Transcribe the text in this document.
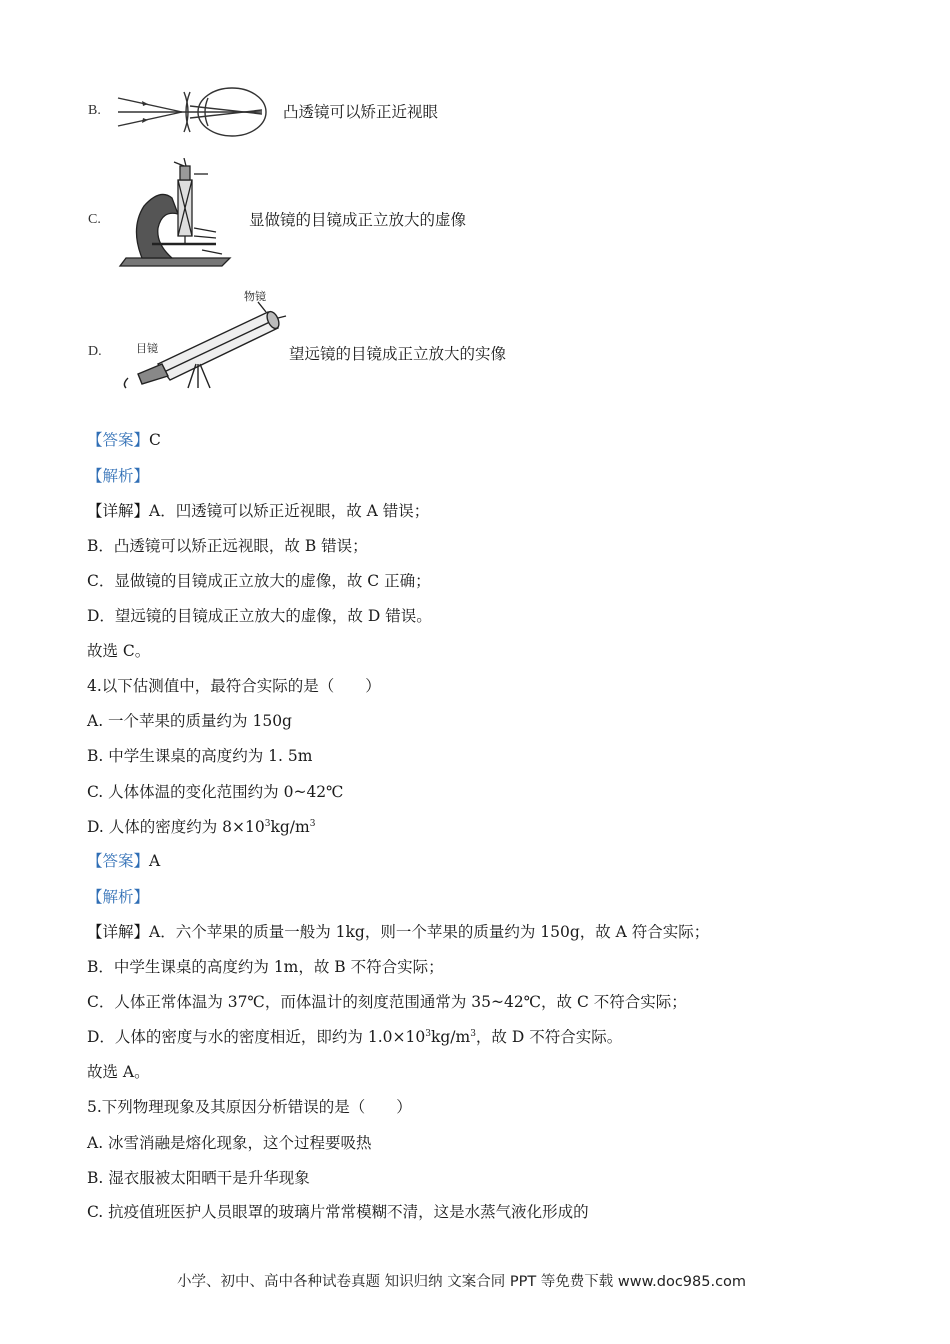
B.	凸透镜可以矫正近视眼
C.	显做镜的目镜成正立放大的虚像
D.
物镜
目镜	望远镜的目镜成正立放大的实像
【答案】C
【解析】
【详解】A．凹透镜可以矫正近视眼，故 A 错误；
B．凸透镜可以矫正远视眼，故 B 错误；
C．显做镜的目镜成正立放大的虚像，故 C 正确；
D．望远镜的目镜成正立放大的虚像，故 D 错误。
故选 C。
4.以下估测值中，最符合实际的是（　　）
A. 一个苹果的质量约为 150g
B. 中学生课桌的高度约为 1. 5m
C. 人体体温的变化范围约为 0~42℃
D. 人体的密度约为 $8\times 10^3kg/m^3$
【答案】A
【解析】
【详解】A．六个苹果的质量一般为 1kg，则一个苹果的质量约为 150g，故 A 符合实际；
B．中学生课桌的高度约为 1m，故 B 不符合实际；
C．人体正常体温为 37℃，而体温计的刻度范围通常为 35~42℃，故 C 不符合实际；
D．人体的密度与水的密度相近，即约为 $1.0\times 10^3kg/m^3$，故 D 不符合实际。
故选 A。
5.下列物理现象及其原因分析错误的是（　　）
A. 冰雪消融是熔化现象，这个过程要吸热
B. 湿衣服被太阳晒干是升华现象
C. 抗疫值班医护人员眼罩的玻璃片常常模糊不清，这是水蒸气液化形成的
小学、初中、高中各种试卷真题 知识归纳 文案合同 PPT 等免费下载 www.doc985.com
